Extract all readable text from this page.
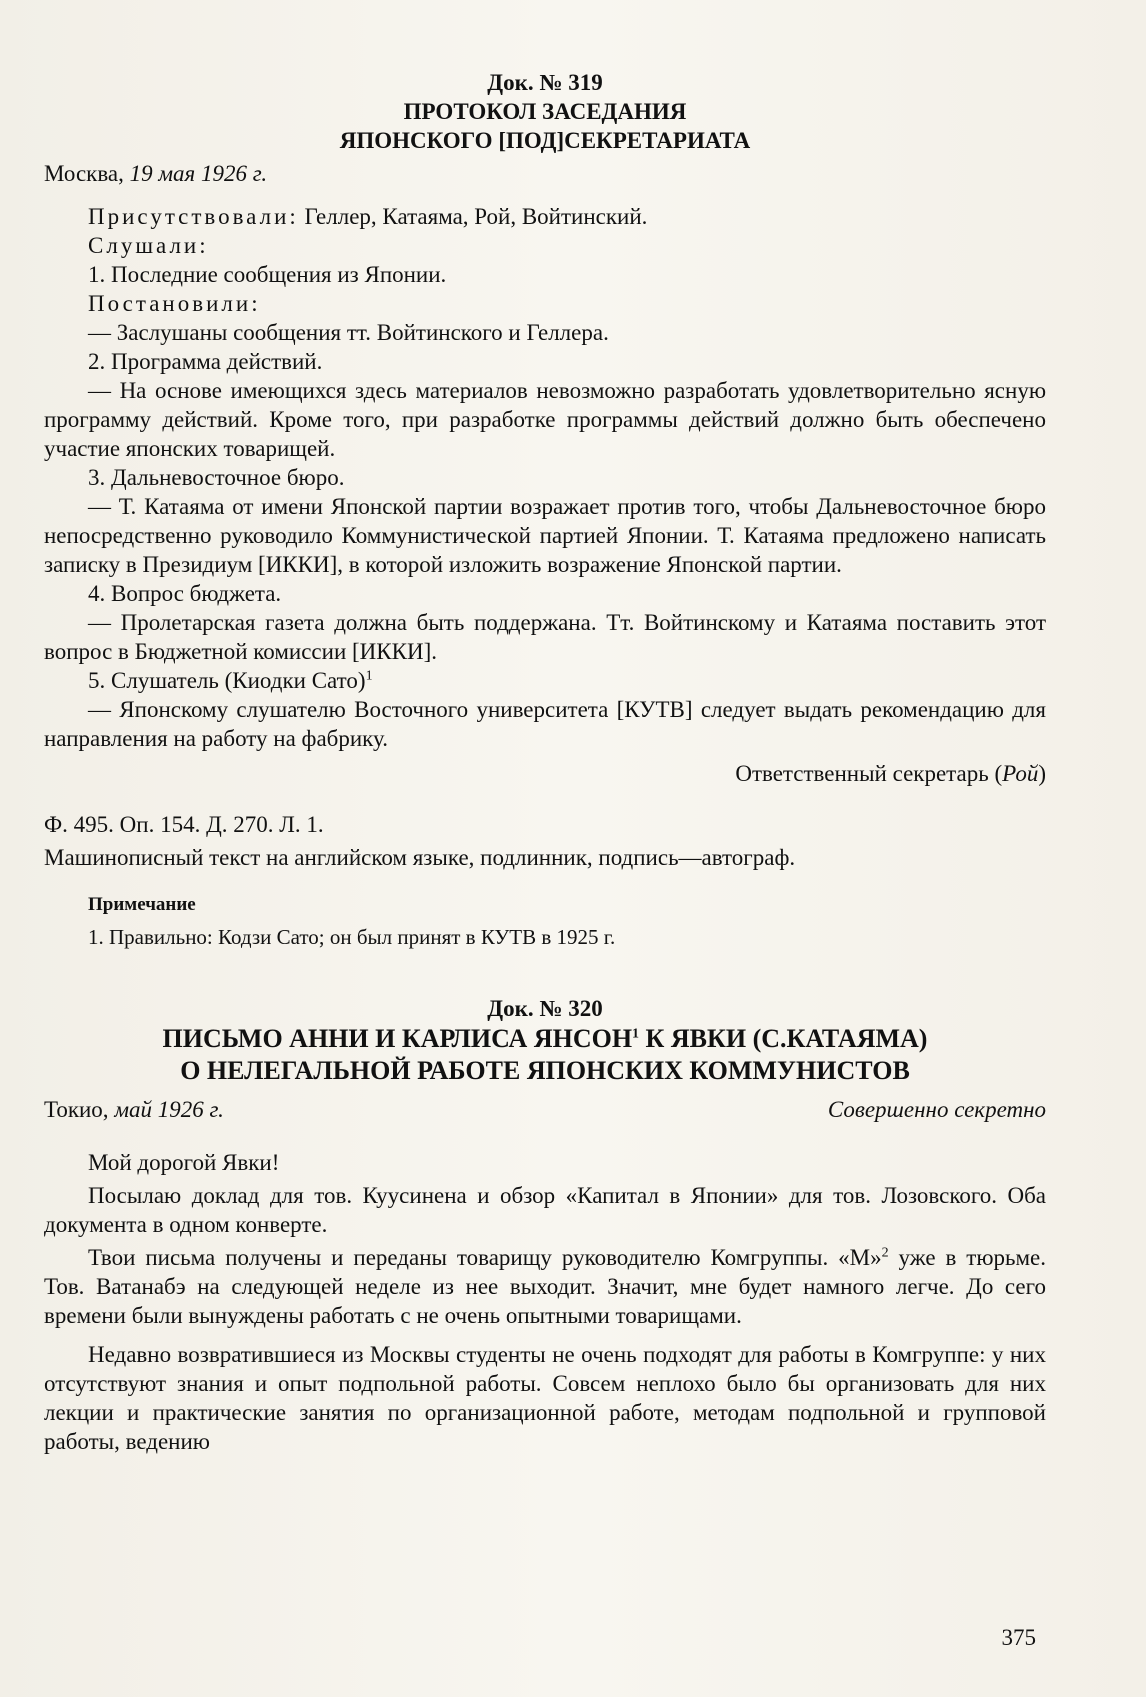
Док. № 319

ПРОТОКОЛ ЗАСЕДАНИЯ

ЯПОНСКОГО [ПОД]СЕКРЕТАРИАТА

Москва, 19 мая 1926 г.

Присутствовали: Геллер, Катаяма, Рой, Войтинский.

Слушали:

1. Последние сообщения из Японии.

Постановили:

— Заслушаны сообщения тт. Войтинского и Геллера.

2. Программа действий.

— На основе имеющихся здесь материалов невозможно разработать удовлетворительно ясную программу действий. Кроме того, при разработке программы действий должно быть обеспечено участие японских товарищей.

3. Дальневосточное бюро.

— Т. Катаяма от имени Японской партии возражает против того, чтобы Дальневосточное бюро непосредственно руководило Коммунистической партией Японии. Т. Катаяма предложено написать записку в Президиум [ИККИ], в которой изложить возражение Японской партии.

4. Вопрос бюджета.

— Пролетарская газета должна быть поддержана. Тт. Войтинскому и Катаяма поставить этот вопрос в Бюджетной комиссии [ИККИ].

5. Слушатель (Киодки Сато)$^1$

— Японскому слушателю Восточного университета [КУТВ] следует выдать рекомендацию для направления на работу на фабрику.

Ответственный секретарь (Рой)

Ф. 495. Оп. 154. Д. 270. Л. 1.

Машинописный текст на английском языке, подлинник, подпись—автограф.

Примечание

1. Правильно: Кодзи Сато; он был принят в КУТВ в 1925 г.

Док. № 320

ПИСЬМО АННИ И КАРЛИСА ЯНСОН$^1$ К ЯВКИ (С.КАТАЯМА)

О НЕЛЕГАЛЬНОЙ РАБОТЕ ЯПОНСКИХ КОММУНИСТОВ

Токио, май 1926 г.	Совершенно секретно

Мой дорогой Явки!

Посылаю доклад для тов. Куусинена и обзор «Капитал в Японии» для тов. Лозовского. Оба документа в одном конверте.

Твои письма получены и переданы товарищу руководителю Комгруппы. «М»$^2$ уже в тюрьме. Тов. Ватанабэ на следующей неделе из нее выходит. Значит, мне будет намного легче. До сего времени были вынуждены работать с не очень опытными товарищами.

Недавно возвратившиеся из Москвы студенты не очень подходят для работы в Комгруппе: у них отсутствуют знания и опыт подпольной работы. Совсем неплохо было бы организовать для них лекции и практические занятия по организационной работе, методам подпольной и групповой работы, ведению

375
